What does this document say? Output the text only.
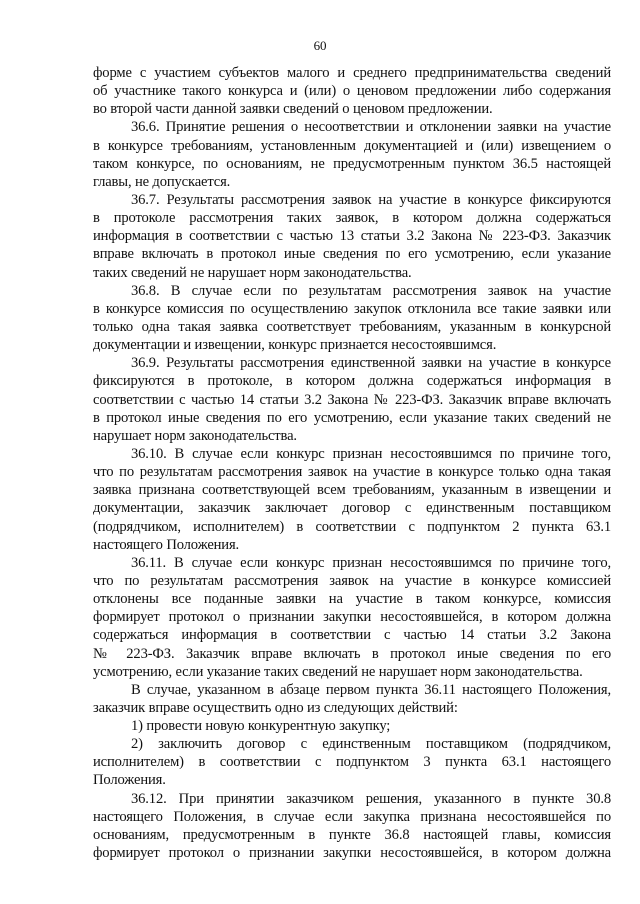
60
форме с участием субъектов малого и среднего предпринимательства сведений
об участнике такого конкурса и (или) о ценовом предложении либо содержания
во второй части данной заявки сведений о ценовом предложении.
36.6. Принятие решения о несоответствии и отклонении заявки на участие
в конкурсе требованиям, установленным документацией и (или) извещением о
таком конкурсе, по основаниям, не предусмотренным пунктом 36.5 настоящей
главы, не допускается.
36.7. Результаты рассмотрения заявок на участие в конкурсе фиксируются
в протоколе рассмотрения таких заявок, в котором должна содержаться
информация в соответствии с частью 13 статьи 3.2 Закона № 223-ФЗ. Заказчик
вправе включать в протокол иные сведения по его усмотрению, если указание
таких сведений не нарушает норм законодательства.
36.8. В случае если по результатам рассмотрения заявок на участие
в конкурсе комиссия по осуществлению закупок отклонила все такие заявки или
только одна такая заявка соответствует требованиям, указанным в конкурсной
документации и извещении, конкурс признается несостоявшимся.
36.9. Результаты рассмотрения единственной заявки на участие в конкурсе
фиксируются в протоколе, в котором должна содержаться информация в
соответствии с частью 14 статьи 3.2 Закона № 223-ФЗ. Заказчик вправе включать
в протокол иные сведения по его усмотрению, если указание таких сведений не
нарушает норм законодательства.
36.10. В случае если конкурс признан несостоявшимся по причине того,
что по результатам рассмотрения заявок на участие в конкурсе только одна такая
заявка признана соответствующей всем требованиям, указанным в извещении и
документации, заказчик заключает договор с единственным поставщиком
(подрядчиком, исполнителем) в соответствии с подпунктом 2 пункта 63.1
настоящего Положения.
36.11. В случае если конкурс признан несостоявшимся по причине того,
что по результатам рассмотрения заявок на участие в конкурсе комиссией
отклонены все поданные заявки на участие в таком конкурсе, комиссия
формирует протокол о признании закупки несостоявшейся, в котором должна
содержаться информация в соответствии с частью 14 статьи 3.2 Закона
№ 223-ФЗ. Заказчик вправе включать в протокол иные сведения по его
усмотрению, если указание таких сведений не нарушает норм законодательства.
В случае, указанном в абзаце первом пункта 36.11 настоящего Положения,
заказчик вправе осуществить одно из следующих действий:
1) провести новую конкурентную закупку;
2) заключить договор с единственным поставщиком (подрядчиком,
исполнителем) в соответствии с подпунктом 3 пункта 63.1 настоящего
Положения.
36.12. При принятии заказчиком решения, указанного в пункте 30.8
настоящего Положения, в случае если закупка признана несостоявшейся по
основаниям, предусмотренным в пункте 36.8 настоящей главы, комиссия
формирует протокол о признании закупки несостоявшейся, в котором должна
